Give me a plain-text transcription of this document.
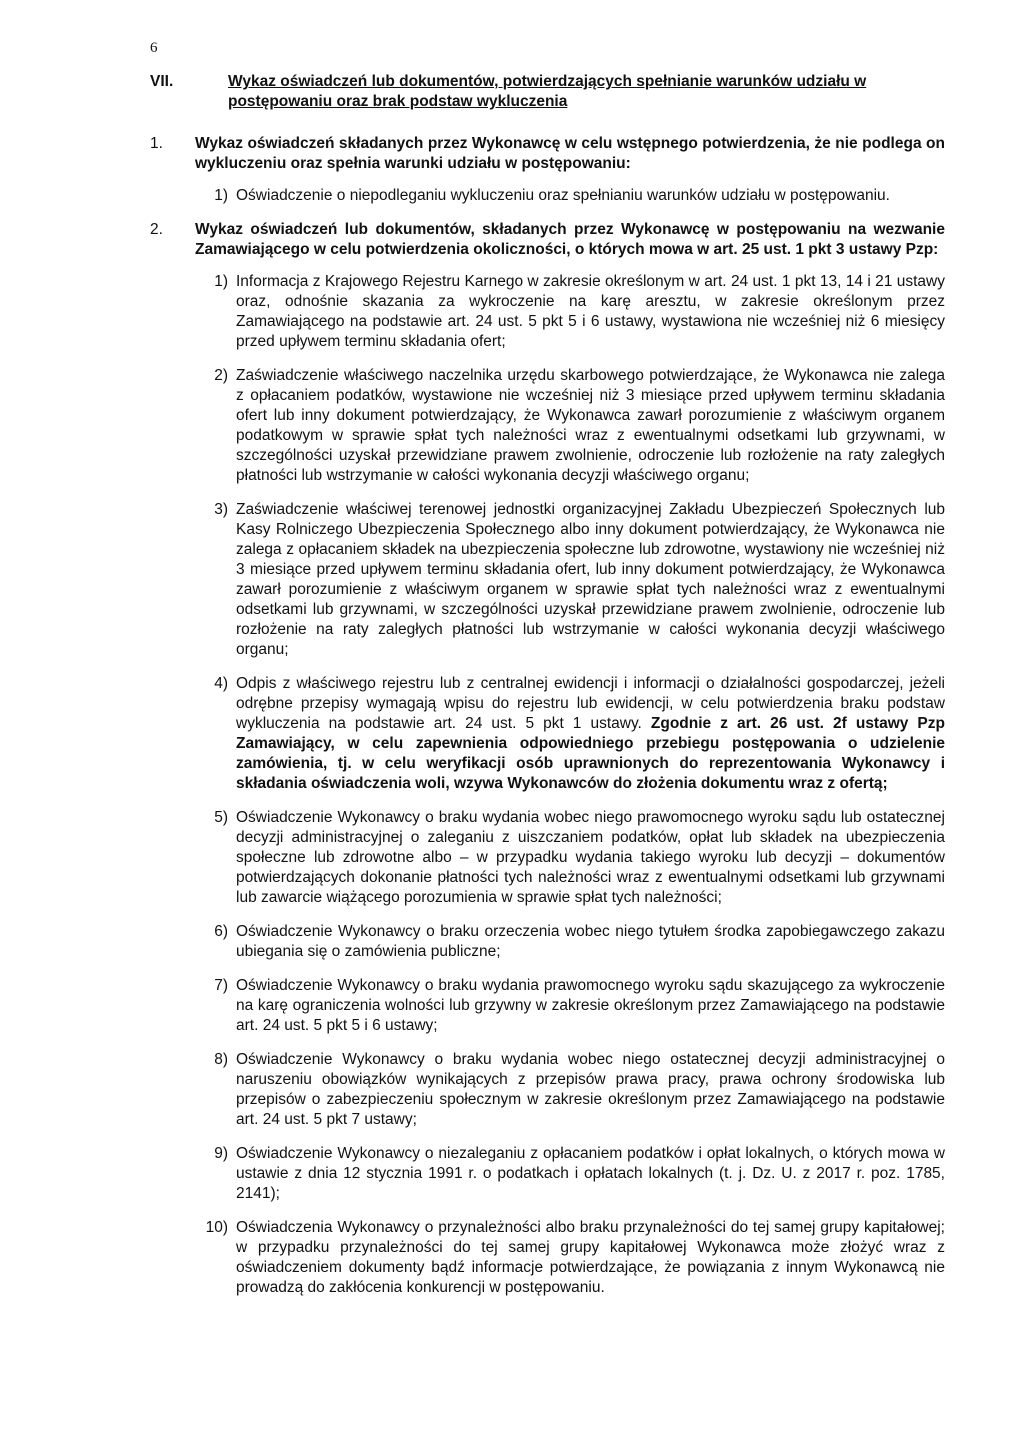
6
VII.	Wykaz oświadczeń lub dokumentów, potwierdzających spełnianie warunków udziału w postępowaniu oraz brak podstaw wykluczenia
1.	Wykaz oświadczeń składanych przez Wykonawcę w celu wstępnego potwierdzenia, że nie podlega on wykluczeniu oraz spełnia warunki udziału w postępowaniu:
1) Oświadczenie o niepodleganiu wykluczeniu oraz spełnianiu warunków udziału w postępowaniu.
2.	Wykaz oświadczeń lub dokumentów, składanych przez Wykonawcę w postępowaniu na wezwanie Zamawiającego w celu potwierdzenia okoliczności, o których mowa w art. 25 ust. 1 pkt 3 ustawy Pzp:
1) Informacja z Krajowego Rejestru Karnego w zakresie określonym w art. 24 ust. 1 pkt 13, 14 i 21 ustawy oraz, odnośnie skazania za wykroczenie na karę aresztu, w zakresie określonym przez Zamawiającego na podstawie art. 24 ust. 5 pkt 5 i 6 ustawy, wystawiona nie wcześniej niż 6 miesięcy przed upływem terminu składania ofert;
2) Zaświadczenie właściwego naczelnika urzędu skarbowego potwierdzające, że Wykonawca nie zalega z opłacaniem podatków, wystawione nie wcześniej niż 3 miesiące przed upływem terminu składania ofert lub inny dokument potwierdzający, że Wykonawca zawarł porozumienie z właściwym organem podatkowym w sprawie spłat tych należności wraz z ewentualnymi odsetkami lub grzywnami, w szczególności uzyskał przewidziane prawem zwolnienie, odroczenie lub rozłożenie na raty zaległych płatności lub wstrzymanie w całości wykonania decyzji właściwego organu;
3) Zaświadczenie właściwej terenowej jednostki organizacyjnej Zakładu Ubezpieczeń Społecznych lub Kasy Rolniczego Ubezpieczenia Społecznego albo inny dokument potwierdzający, że Wykonawca nie zalega z opłacaniem składek na ubezpieczenia społeczne lub zdrowotne, wystawiony nie wcześniej niż 3 miesiące przed upływem terminu składania ofert, lub inny dokument potwierdzający, że Wykonawca zawarł porozumienie z właściwym organem w sprawie spłat tych należności wraz z ewentualnymi odsetkami lub grzywnami, w szczególności uzyskał przewidziane prawem zwolnienie, odroczenie lub rozłożenie na raty zaległych płatności lub wstrzymanie w całości wykonania decyzji właściwego organu;
4) Odpis z właściwego rejestru lub z centralnej ewidencji i informacji o działalności gospodarczej, jeżeli odrębne przepisy wymagają wpisu do rejestru lub ewidencji, w celu potwierdzenia braku podstaw wykluczenia na podstawie art. 24 ust. 5 pkt 1 ustawy. Zgodnie z art. 26 ust. 2f ustawy Pzp Zamawiający, w celu zapewnienia odpowiedniego przebiegu postępowania o udzielenie zamówienia, tj. w celu weryfikacji osób uprawnionych do reprezentowania Wykonawcy i składania oświadczenia woli, wzywa Wykonawców do złożenia dokumentu wraz z ofertą;
5) Oświadczenie Wykonawcy o braku wydania wobec niego prawomocnego wyroku sądu lub ostatecznej decyzji administracyjnej o zaleganiu z uiszczaniem podatków, opłat lub składek na ubezpieczenia społeczne lub zdrowotne albo – w przypadku wydania takiego wyroku lub decyzji – dokumentów potwierdzających dokonanie płatności tych należności wraz z ewentualnymi odsetkami lub grzywnami lub zawarcie wiążącego porozumienia w sprawie spłat tych należności;
6) Oświadczenie Wykonawcy o braku orzeczenia wobec niego tytułem środka zapobiegawczego zakazu ubiegania się o zamówienia publiczne;
7) Oświadczenie Wykonawcy o braku wydania prawomocnego wyroku sądu skazującego za wykroczenie na karę ograniczenia wolności lub grzywny w zakresie określonym przez Zamawiającego na podstawie art. 24 ust. 5 pkt 5 i 6 ustawy;
8) Oświadczenie Wykonawcy o braku wydania wobec niego ostatecznej decyzji administracyjnej o naruszeniu obowiązków wynikających z przepisów prawa pracy, prawa ochrony środowiska lub przepisów o zabezpieczeniu społecznym w zakresie określonym przez Zamawiającego na podstawie art. 24 ust. 5 pkt 7 ustawy;
9) Oświadczenie Wykonawcy o niezaleganiu z opłacaniem podatków i opłat lokalnych, o których mowa w ustawie z dnia 12 stycznia 1991 r. o podatkach i opłatach lokalnych (t. j. Dz. U. z 2017 r. poz. 1785, 2141);
10) Oświadczenia Wykonawcy o przynależności albo braku przynależności do tej samej grupy kapitałowej; w przypadku przynależności do tej samej grupy kapitałowej Wykonawca może złożyć wraz z oświadczeniem dokumenty bądź informacje potwierdzające, że powiązania z innym Wykonawcą nie prowadzą do zakłócenia konkurencji w postępowaniu.
